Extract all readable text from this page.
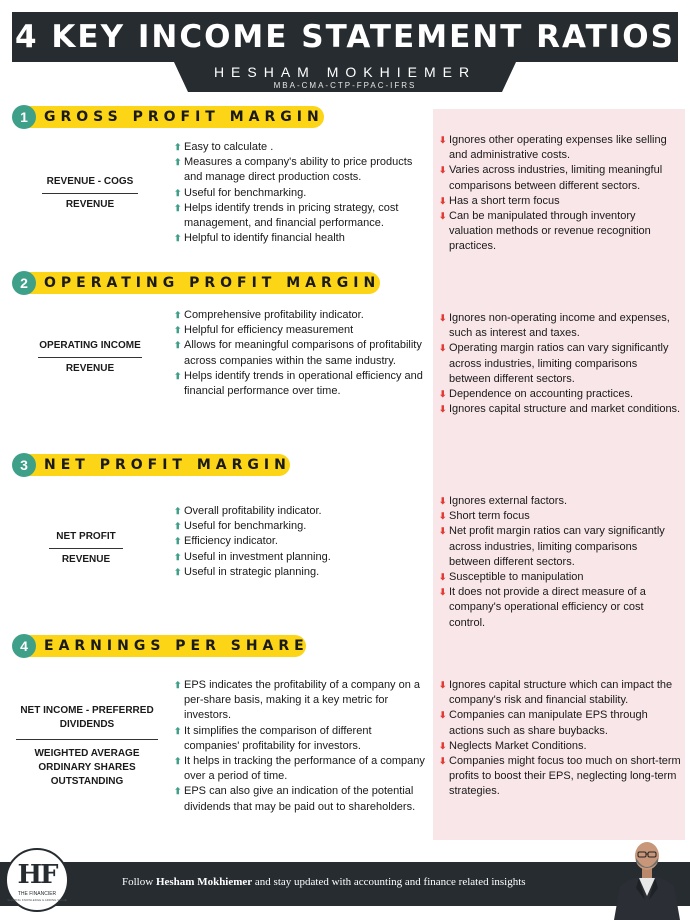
4 KEY INCOME STATEMENT RATIOS
HESHAM MOKHIEMER
MBA-CMA-CTP-FPAC-IFRS
1	GROSS PROFIT MARGIN
REVENUE - COGS
REVENUE
⬆ Easy to calculate .
⬆ Measures a company's ability to price products and manage direct production costs.
⬆ Useful for benchmarking.
⬆ Helps identify trends in pricing strategy, cost management, and financial performance.
⬆ Helpful to identify financial health
⬇ Ignores other operating expenses like selling and administrative costs.
⬇ Varies across industries, limiting meaningful comparisons between different sectors.
⬇ Has a short term focus
⬇ Can be manipulated through inventory valuation methods or revenue recognition practices.
2	OPERATING PROFIT MARGIN
OPERATING INCOME
REVENUE
⬆ Comprehensive profitability indicator.
⬆ Helpful for efficiency measurement
⬆ Allows for meaningful comparisons of profitability across companies within the same industry.
⬆ Helps identify trends in operational efficiency and financial performance over time.
⬇ Ignores non-operating income and expenses, such as interest and taxes.
⬇ Operating margin ratios can vary significantly across industries, limiting comparisons between different sectors.
⬇ Dependence on accounting practices.
⬇ Ignores capital structure and market conditions.
3	NET PROFIT MARGIN
NET PROFIT
REVENUE
⬆ Overall profitability indicator.
⬆ Useful for benchmarking.
⬆ Efficiency indicator.
⬆ Useful in investment planning.
⬆ Useful in strategic planning.
⬇ Ignores external factors.
⬇ Short term focus
⬇ Net profit margin ratios can vary significantly across industries, limiting comparisons between different sectors.
⬇ Susceptible to manipulation
⬇ It does not provide a direct measure of a company's operational efficiency or cost control.
4	EARNINGS PER SHARE
NET INCOME - PREFERRED DIVIDENDS
WEIGHTED AVERAGE ORDINARY SHARES OUTSTANDING
⬆ EPS indicates the profitability of a company on a per-share basis, making it a key metric for investors.
⬆ It simplifies the comparison of different companies' profitability for investors.
⬆ It helps in tracking the performance of a company over a period of time.
⬆ EPS can also give an indication of the potential dividends that may be paid out to shareholders.
⬇ Ignores capital structure which can impact the company's risk and financial stability.
⬇ Companies can manipulate EPS through actions such as share buybacks.
⬇ Neglects Market Conditions.
⬇ Companies might focus too much on short-term profits to boost their EPS, neglecting long-term strategies.
Follow Hesham Mokhiemer and stay updated with accounting and finance related insights
HF
THE FINANCIER
SHARING KNOWLEDGE & ADDING VALUE
